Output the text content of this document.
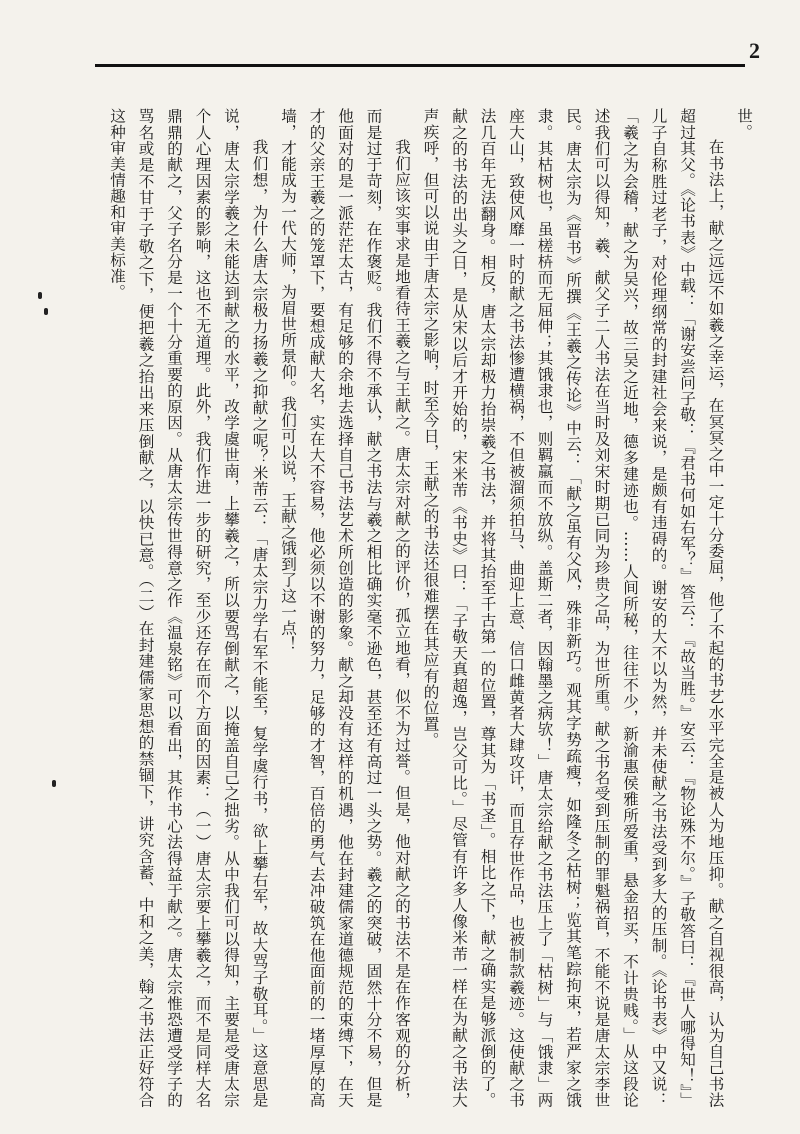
2

世。

在书法上，献之远远不如羲之幸运，在冥冥之中一定十分委屈，他了不起的书艺水平完全是被人为地压抑。献之自视很高，认为自己书法超过其父。《论书表》中载：「谢安尝问子敬：『君书何如右军？』答云：『故当胜。』安云：『物论殊不尔。』子敬答曰：『世人哪得知！』」儿子自称胜过老子，对伦理纲常的封建社会来说，是颇有违碍的。谢安的大不以为然，并未使献之书法受到多大的压制。《论书表》中又说：「羲之为会稽，献之为吴兴，故三吴之近地，德多建迹也。……人间所秘，往往不少，新渝惠侯雅所爱重，悬金招买，不计贵贱。」从这段论述我们可以得知，羲、献父子二人书法在当时及刘宋时期已同为珍贵之品，为世所重。献之书名受到压制的罪魁祸首，不能不说是唐太宗李世民。唐太宗为《晋书》所撰《王羲之传论》中云：「献之虽有父风，殊非新巧。观其字势疏瘦，如隆冬之枯树；览其笔踪拘束，若严家之饿隶。其枯树也，虽槎枿而无屈伸；其饿隶也，则羁羸而不放纵。盖斯二者，因翰墨之病欤！」唐太宗给献之书法压上了「枯树」与「饿隶」两座大山，致使风靡一时的献之书法惨遭横祸，不但被溜须拍马、曲迎上意、信口雌黄者大肆攻讦，而且存世作品，也被制款羲迹。这使献之书法几百年无法翻身。相反，唐太宗却极力抬崇羲之书法，并将其抬至千古第一的位置，尊其为「书圣」。相比之下，献之确实是够派倒的了。献之的书法的出头之日，是从宋以后才开始的，宋米芾《书史》曰：「子敬天真超逸，岂父可比。」尽管有许多人像米芾一样在为献之书法大声疾呼，但可以说由于唐太宗之影响，时至今日，王献之的书法还很难摆在其应有的位置。

我们应该实事求是地看待王羲之与王献之。唐太宗对献之的评价，孤立地看，似不为过誉。但是，他对献之的书法不是在作客观的分析，而是过于苛刻，在作褒贬。我们不得不承认，献之书法与羲之相比确实毫不逊色，甚至还有高过一头之势。羲之的突破，固然十分不易，但是他面对的是一派茫茫太古，有足够的余地去选择自己书法艺术所创造的影象。献之却没有这样的机遇，他在封建儒家道德规范的束缚下，在天才的父亲王羲之的笼罩下，要想成献大名，实在大不容易，他必须以不谢的努力，足够的才智，百倍的勇气去冲破筑在他面前的一堵厚厚的高墙，才能成为一代大师，为眉世所景仰。我们可以说，王献之饿到了这一点！

我们想，为什么唐太宗极力扬羲之抑献之呢？米芾云：「唐太宗力学右军不能至，复学虞行书，欲上攀右军，故大骂子敬耳。」这意思是说，唐太宗学羲之未能达到献之的水平，改学虞世南，上攀羲之，所以要骂倒献之，以掩盖自己之拙劣。从中我们可以得知，主要是受唐太宗个人心理因素的影响，这也不无道理。此外，我们作进一步的研究，至少还存在而个方面的因素：（一）唐太宗要上攀羲之，而不是同样大名鼎鼎的献之，父子名分是一个十分重要的原因。从唐太宗传世得意之作《温泉铭》可以看出，其作书心法得益于献之。唐太宗惟恐遭受学子的骂名或是不甘于子敬之下，便把羲之抬出来压倒献之，以快已意。（二）在封建儒家思想的禁锢下，讲究含蓄、中和之美，翰之书法正好符合这种审美情趣和审美标准。
